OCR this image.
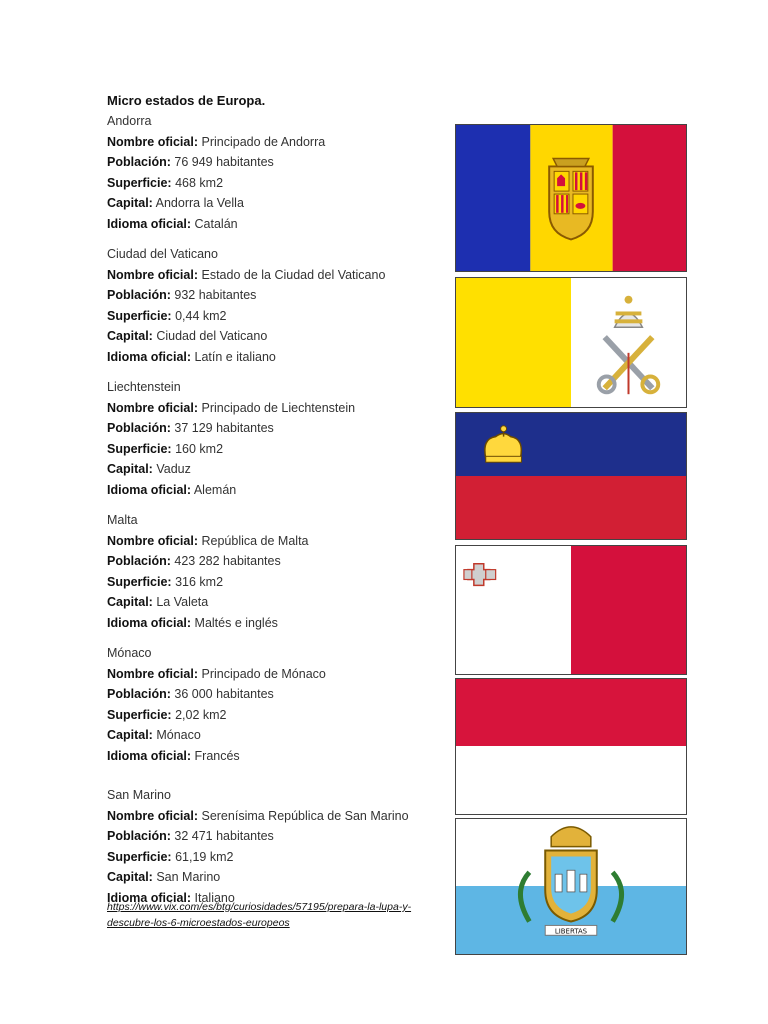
Micro estados de Europa.
Andorra
Nombre oficial: Principado de Andorra
Población: 76 949 habitantes
Superficie: 468 km2
Capital: Andorra la Vella
Idioma oficial: Catalán
Ciudad del Vaticano
Nombre oficial: Estado de la Ciudad del Vaticano
Población: 932 habitantes
Superficie: 0,44 km2
Capital: Ciudad del Vaticano
Idioma oficial: Latín e italiano
Liechtenstein
Nombre oficial: Principado de Liechtenstein
Población: 37 129 habitantes
Superficie: 160 km2
Capital: Vaduz
Idioma oficial: Alemán
Malta
Nombre oficial: República de Malta
Población: 423 282 habitantes
Superficie: 316 km2
Capital: La Valeta
Idioma oficial: Maltés e inglés
Mónaco
Nombre oficial: Principado de Mónaco
Población: 36 000 habitantes
Superficie: 2,02 km2
Capital: Mónaco
Idioma oficial: Francés
San Marino
Nombre oficial: Serenísima República de San Marino
Población: 32 471 habitantes
Superficie: 61,19 km2
Capital: San Marino
Idioma oficial: Italiano
https://www.vix.com/es/btg/curiosidades/57195/prepara-la-lupa-y-descubre-los-6-microestados-europeos
LIBERTAS
